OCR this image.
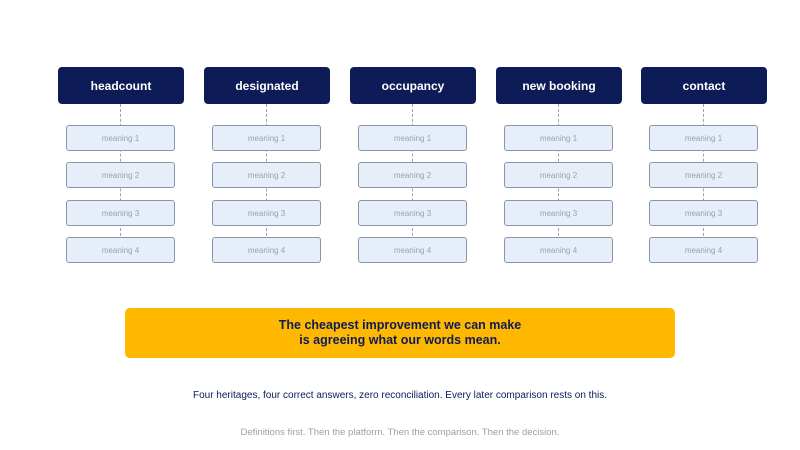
headcount
meaning 1
meaning 2
meaning 3
meaning 4
designated
meaning 1
meaning 2
meaning 3
meaning 4
occupancy
meaning 1
meaning 2
meaning 3
meaning 4
new booking
meaning 1
meaning 2
meaning 3
meaning 4
contact
meaning 1
meaning 2
meaning 3
meaning 4
The cheapest improvement we can make
is agreeing what our words mean.
Four heritages, four correct answers, zero reconciliation. Every later comparison rests on this.
Definitions first. Then the platform. Then the comparison. Then the decision.
